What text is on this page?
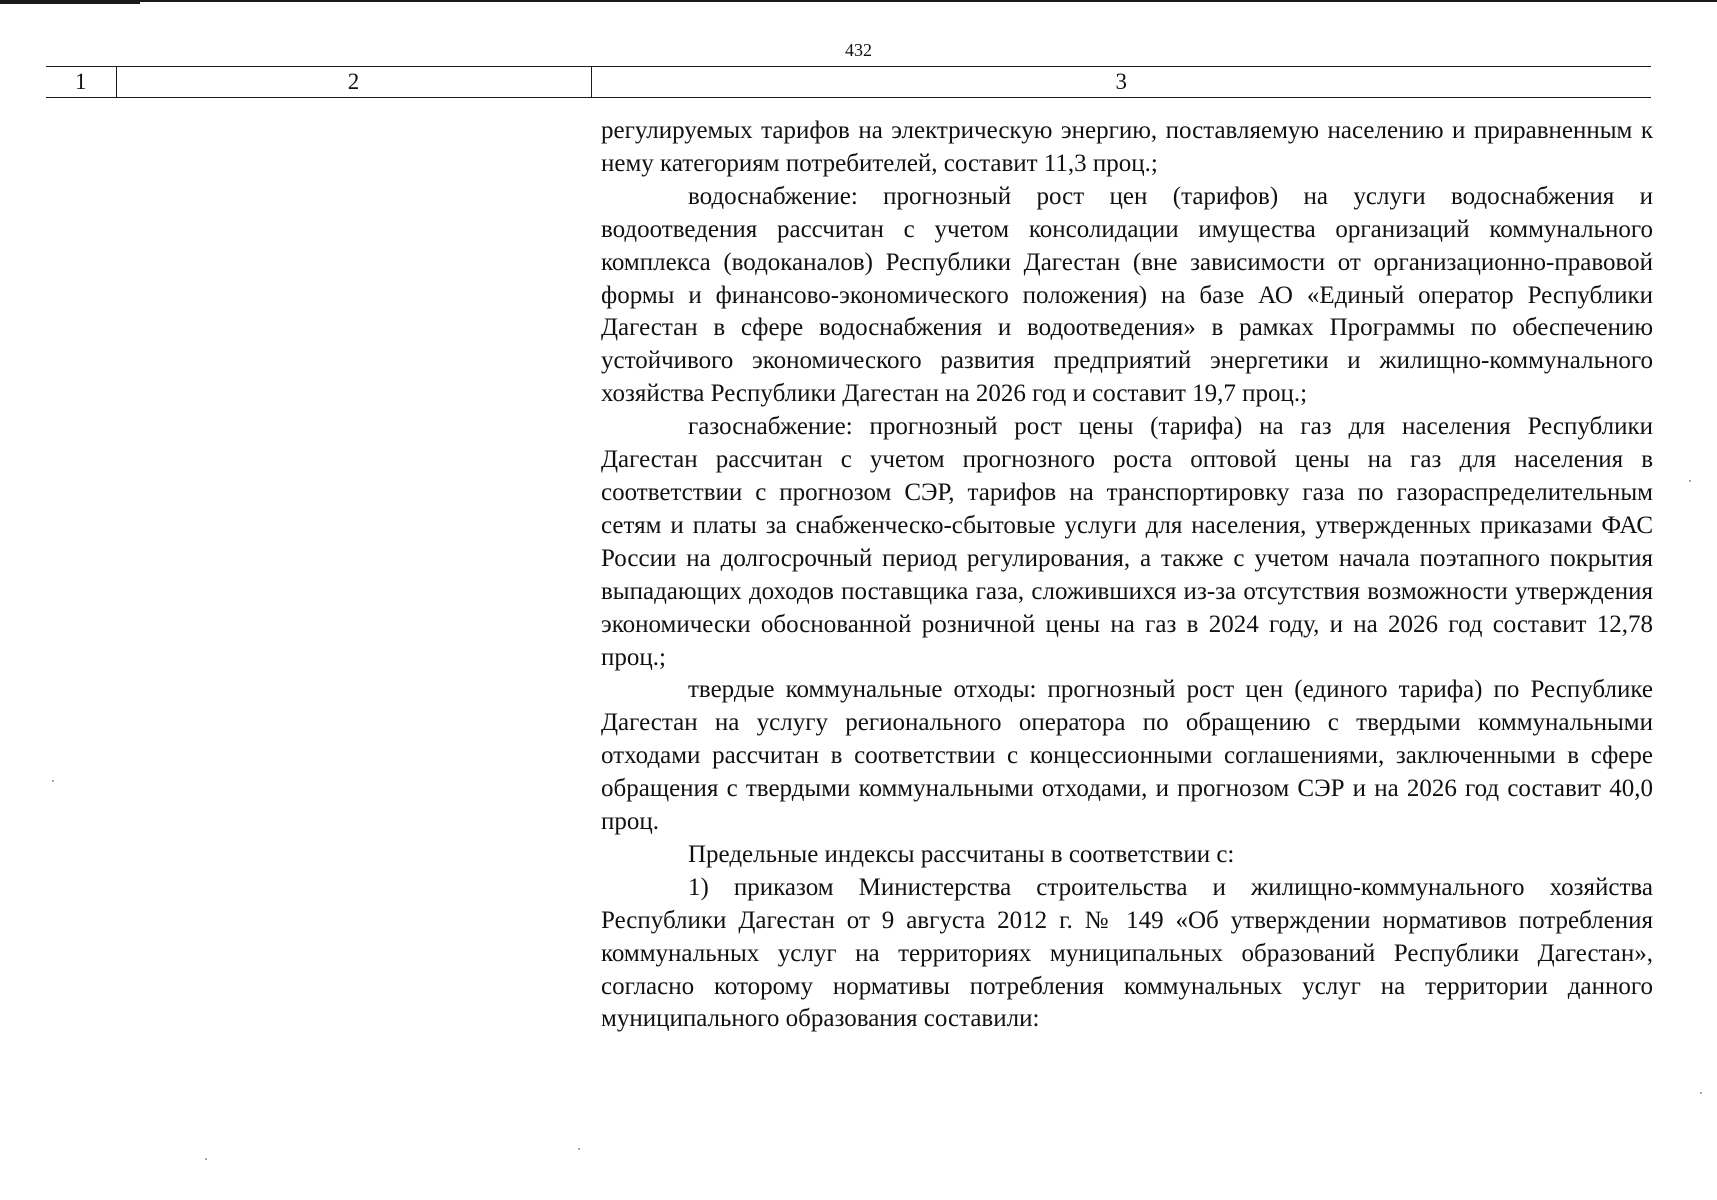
432
1	2	3

регулируемых тарифов на электрическую энергию, поставляемую населению и приравненным к нему категориям потребителей, составит 11,3 проц.;

водоснабжение: прогнозный рост цен (тарифов) на услуги водоснабжения и водоотведения рассчитан с учетом консолидации имущества организаций коммунального комплекса (водоканалов) Республики Дагестан (вне зависимости от организационно-правовой формы и финансово-экономического положения) на базе АО «Единый оператор Республики Дагестан в сфере водоснабжения и водоотведения» в рамках Программы по обеспечению устойчивого экономического развития предприятий энергетики и жилищно-коммунального хозяйства Республики Дагестан на 2026 год и составит 19,7 проц.;

газоснабжение: прогнозный рост цены (тарифа) на газ для населения Республики Дагестан рассчитан с учетом прогнозного роста оптовой цены на газ для населения в соответствии с прогнозом СЭР, тарифов на транспортировку газа по газораспределительным сетям и платы за снабженческо-сбытовые услуги для населения, утвержденных приказами ФАС России на долгосрочный период регулирования, а также с учетом начала поэтапного покрытия выпадающих доходов поставщика газа, сложившихся из-за отсутствия возможности утверждения экономически обоснованной розничной цены на газ в 2024 году, и на 2026 год составит 12,78 проц.;

твердые коммунальные отходы: прогнозный рост цен (единого тарифа) по Республике Дагестан на услугу регионального оператора по обращению с твердыми коммунальными отходами рассчитан в соответствии с концессионными соглашениями, заключенными в сфере обращения с твердыми коммунальными отходами, и прогнозом СЭР и на 2026 год составит 40,0 проц.

Предельные индексы рассчитаны в соответствии с:

1) приказом Министерства строительства и жилищно-коммунального хозяйства Республики Дагестан от 9 августа 2012 г. № 149 «Об утверждении нормативов потребления коммунальных услуг на территориях муниципальных образований Республики Дагестан», согласно которому нормативы потребления коммунальных услуг на территории данного муниципального образования составили:
